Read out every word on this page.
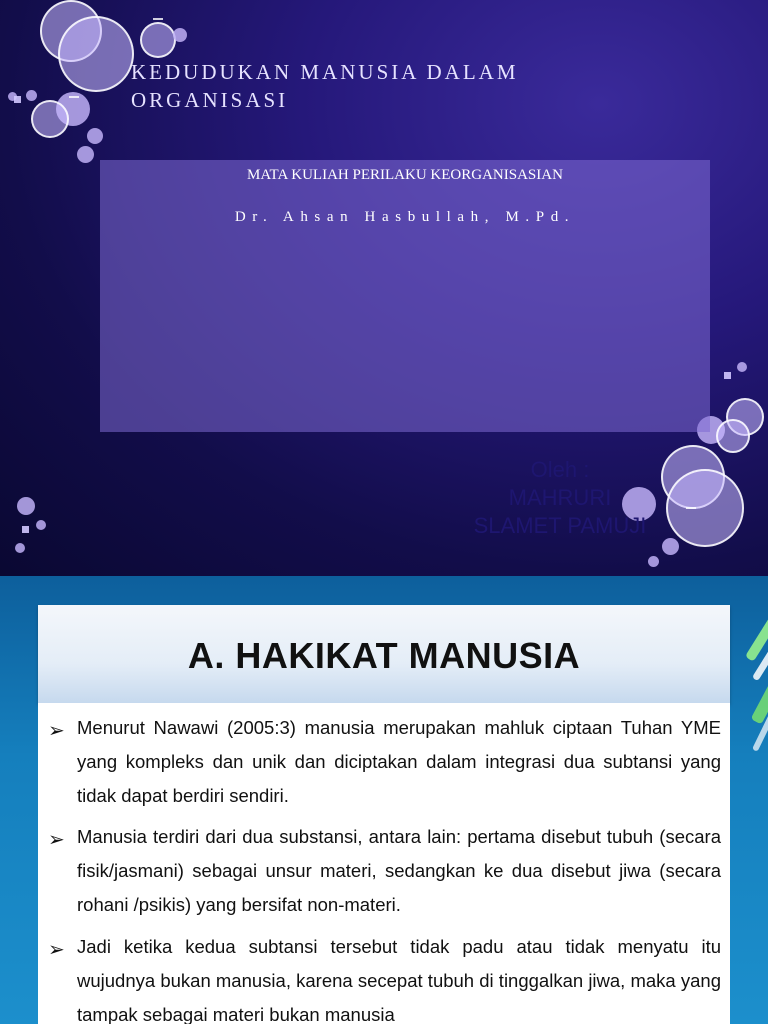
KEDUDUKAN MANUSIA DALAM ORGANISASI
MATA KULIAH PERILAKU KEORGANISASIAN
Dr. Ahsan Hasbullah, M.Pd.
Oleh :
MAHRURI
SLAMET PAMUJI
A. HAKIKAT MANUSIA
➢ Menurut Nawawi (2005:3) manusia merupakan mahluk ciptaan Tuhan YME yang kompleks dan unik dan diciptakan dalam integrasi dua subtansi yang tidak dapat berdiri sendiri.
➢ Manusia terdiri dari dua substansi, antara lain: pertama disebut tubuh (secara fisik/jasmani) sebagai unsur materi, sedangkan ke dua disebut jiwa (secara rohani /psikis) yang bersifat non-materi.
➢ Jadi ketika kedua subtansi tersebut tidak padu atau tidak menyatu itu wujudnya bukan manusia, karena secepat tubuh di tinggalkan jiwa, maka yang tampak sebagai materi bukan manusia
